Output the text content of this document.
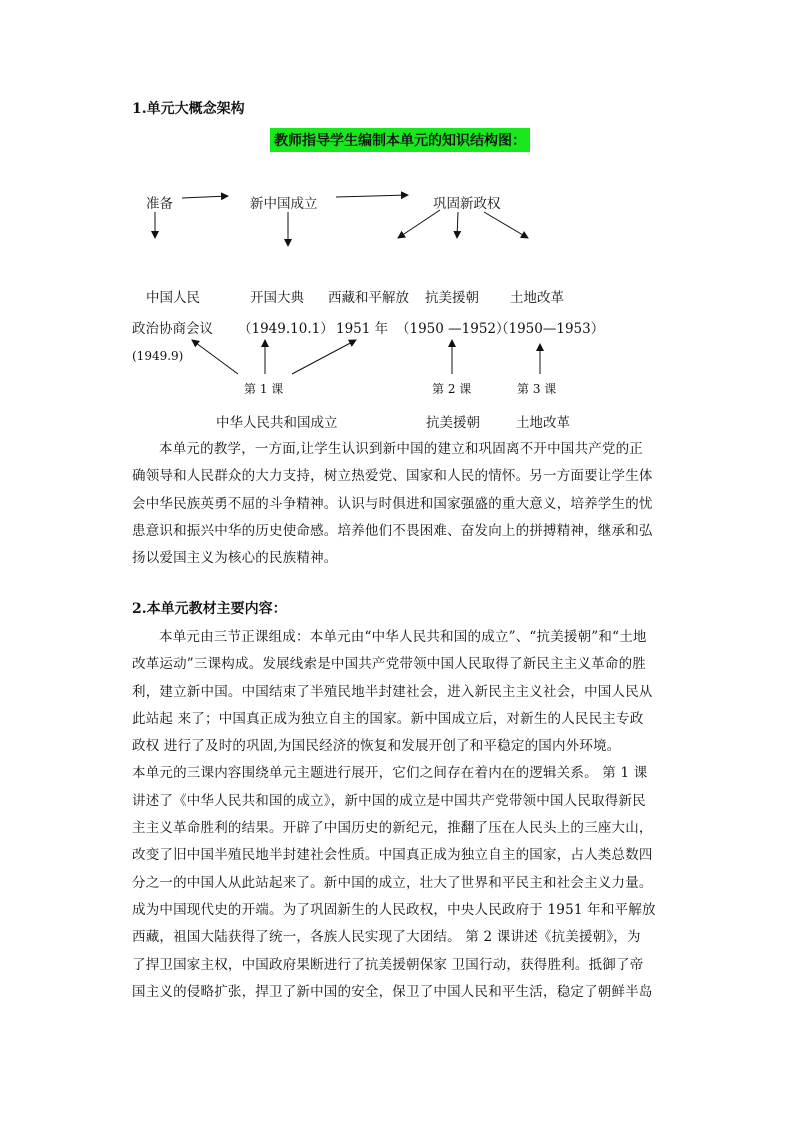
1.单元大概念架构
教师指导学生编制本单元的知识结构图：
准备	新中国成立	巩固新政权
中国人民	开国大典 西藏和平解放 抗美援朝 土地改革
政治协商会议 （1949.10.1） 1951 年 （1950 —1952）
（1950—1953）
(1949.9)
第 1 课	第 2 课	第 3 课
中华人民共和国成立	抗美援朝	土地改革

本单元的教学，一方面,让学生认识到新中国的建立和巩固离不开中国共产党的正

确领导和人民群众的大力支持，树立热爱党、国家和人民的情怀。另一方面要让学生体

会中华民族英勇不屈的斗争精神。认识与时俱进和国家强盛的重大意义，培养学生的忧

患意识和振兴中华的历史使命感。培养他们不畏困难、奋发向上的拼搏精神，继承和弘

扬以爱国主义为核心的民族精神。

2.本单元教材主要内容：

本单元由三节正课组成：本单元由“中华人民共和国的成立”、“抗美援朝”和“土地

改革运动”三课构成。发展线索是中国共产党带领中国人民取得了新民主主义革命的胜

利，建立新中国。中国结束了半殖民地半封建社会，进入新民主主义社会，中国人民从

此站起 来了；中国真正成为独立自主的国家。新中国成立后，对新生的人民民主专政

政权 进行了及时的巩固,为国民经济的恢复和发展开创了和平稳定的国内外环境。

本单元的三课内容围绕单元主题进行展开，它们之间存在着内在的逻辑关系。 第 1 课

讲述了《中华人民共和国的成立》，新中国的成立是中国共产党带领中国人民取得新民

主主义革命胜利的结果。开辟了中国历史的新纪元，推翻了压在人民头上的三座大山，

改变了旧中国半殖民地半封建社会性质。中国真正成为独立自主的国家，占人类总数四

分之一的中国人从此站起来了。新中国的成立，壮大了世界和平民主和社会主义力量。

成为中国现代史的开端。为了巩固新生的人民政权，中央人民政府于 1951 年和平解放

西藏，祖国大陆获得了统一，各族人民实现了大团结。 第 2 课讲述《抗美援朝》，为

了捍卫国家主权，中国政府果断进行了抗美援朝保家 卫国行动，获得胜利。抵御了帝

国主义的侵略扩张，捍卫了新中国的安全，保卫了中国人民和平生活，稳定了朝鲜半岛
